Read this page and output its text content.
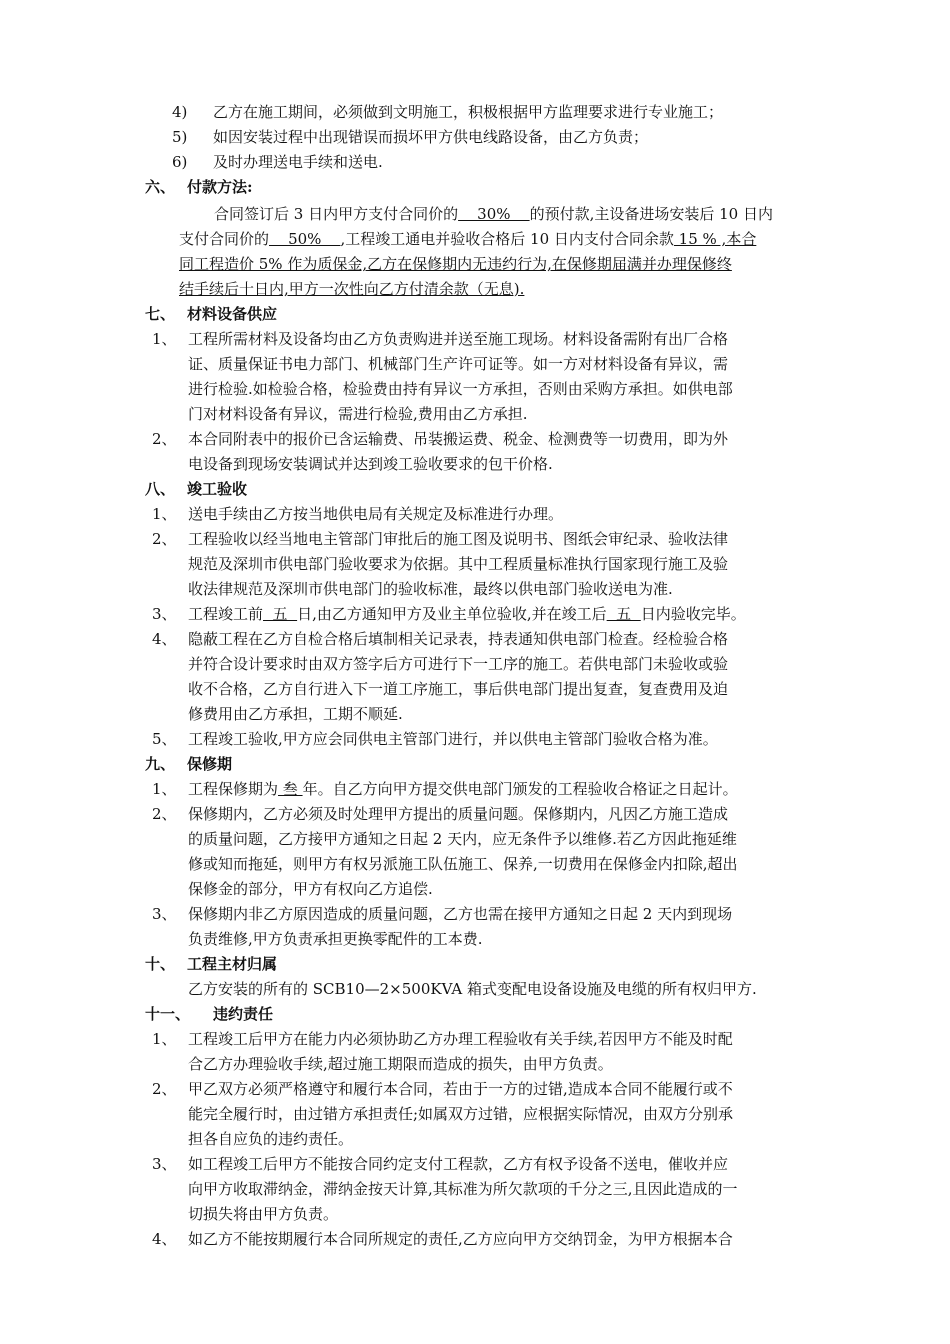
4) 乙方在施工期间，必须做到文明施工，积极根据甲方监理要求进行专业施工；
5) 如因安装过程中出现错误而损坏甲方供电线路设备，由乙方负责；
6) 及时办理送电手续和送电.
六、 付款方法:
合同签订后 3 日内甲方支付合同价的    30%    的预付款,主设备进场安装后 10 日内
支付合同价的    50%    ,工程竣工通电并验收合格后 10 日内支付合同余款 15 % ,本合
同工程造价 5% 作为质保金,乙方在保修期内无违约行为,在保修期届满并办理保修终
结手续后十日内,甲方一次性向乙方付清余款（无息).
七、 材料设备供应
1、 工程所需材料及设备均由乙方负责购进并送至施工现场。材料设备需附有出厂合格
证、质量保证书电力部门、机械部门生产许可证等。如一方对材料设备有异议，需
进行检验.如检验合格，检验费由持有异议一方承担，否则由采购方承担。如供电部
门对材料设备有异议，需进行检验,费用由乙方承担.
2、 本合同附表中的报价已含运输费、吊装搬运费、税金、检测费等一切费用，即为外
电设备到现场安装调试并达到竣工验收要求的包干价格.
八、 竣工验收
1、 送电手续由乙方按当地供电局有关规定及标准进行办理。
2、 工程验收以经当地电主管部门审批后的施工图及说明书、图纸会审纪录、验收法律
规范及深圳市供电部门验收要求为依据。其中工程质量标准执行国家现行施工及验
收法律规范及深圳市供电部门的验收标准，最终以供电部门验收送电为准.
3、 工程竣工前  五  日,由乙方通知甲方及业主单位验收,并在竣工后  五  日内验收完毕。
4、 隐蔽工程在乙方自检合格后填制相关记录表，持表通知供电部门检查。经检验合格
并符合设计要求时由双方签字后方可进行下一工序的施工。若供电部门未验收或验
收不合格，乙方自行进入下一道工序施工，事后供电部门提出复查，复查费用及迫
修费用由乙方承担，工期不顺延.
5、 工程竣工验收,甲方应会同供电主管部门进行，并以供电主管部门验收合格为准。
九、 保修期
1、 工程保修期为 叁 年。自乙方向甲方提交供电部门颁发的工程验收合格证之日起计。
2、 保修期内，乙方必须及时处理甲方提出的质量问题。保修期内，凡因乙方施工造成
的质量问题，乙方接甲方通知之日起 2 天内，应无条件予以维修.若乙方因此拖延维
修或知而拖延，则甲方有权另派施工队伍施工、保养,一切费用在保修金内扣除,超出
保修金的部分，甲方有权向乙方追偿.
3、 保修期内非乙方原因造成的质量问题，乙方也需在接甲方通知之日起 2 天内到现场
负责维修,甲方负责承担更换零配件的工本费.
十、 工程主材归属
乙方安装的所有的 SCB10—2×500KVA 箱式变配电设备设施及电缆的所有权归甲方.
十一、 违约责任
1、 工程竣工后甲方在能力内必须协助乙方办理工程验收有关手续,若因甲方不能及时配
合乙方办理验收手续,超过施工期限而造成的损失，由甲方负责。
2、 甲乙双方必须严格遵守和履行本合同，若由于一方的过错,造成本合同不能履行或不
能完全履行时，由过错方承担责任;如属双方过错，应根据实际情况，由双方分别承
担各自应负的违约责任。
3、 如工程竣工后甲方不能按合同约定支付工程款，乙方有权予设备不送电，催收并应
向甲方收取滞纳金，滞纳金按天计算,其标准为所欠款项的千分之三,且因此造成的一
切损失将由甲方负责。
4、 如乙方不能按期履行本合同所规定的责任,乙方应向甲方交纳罚金，为甲方根据本合
